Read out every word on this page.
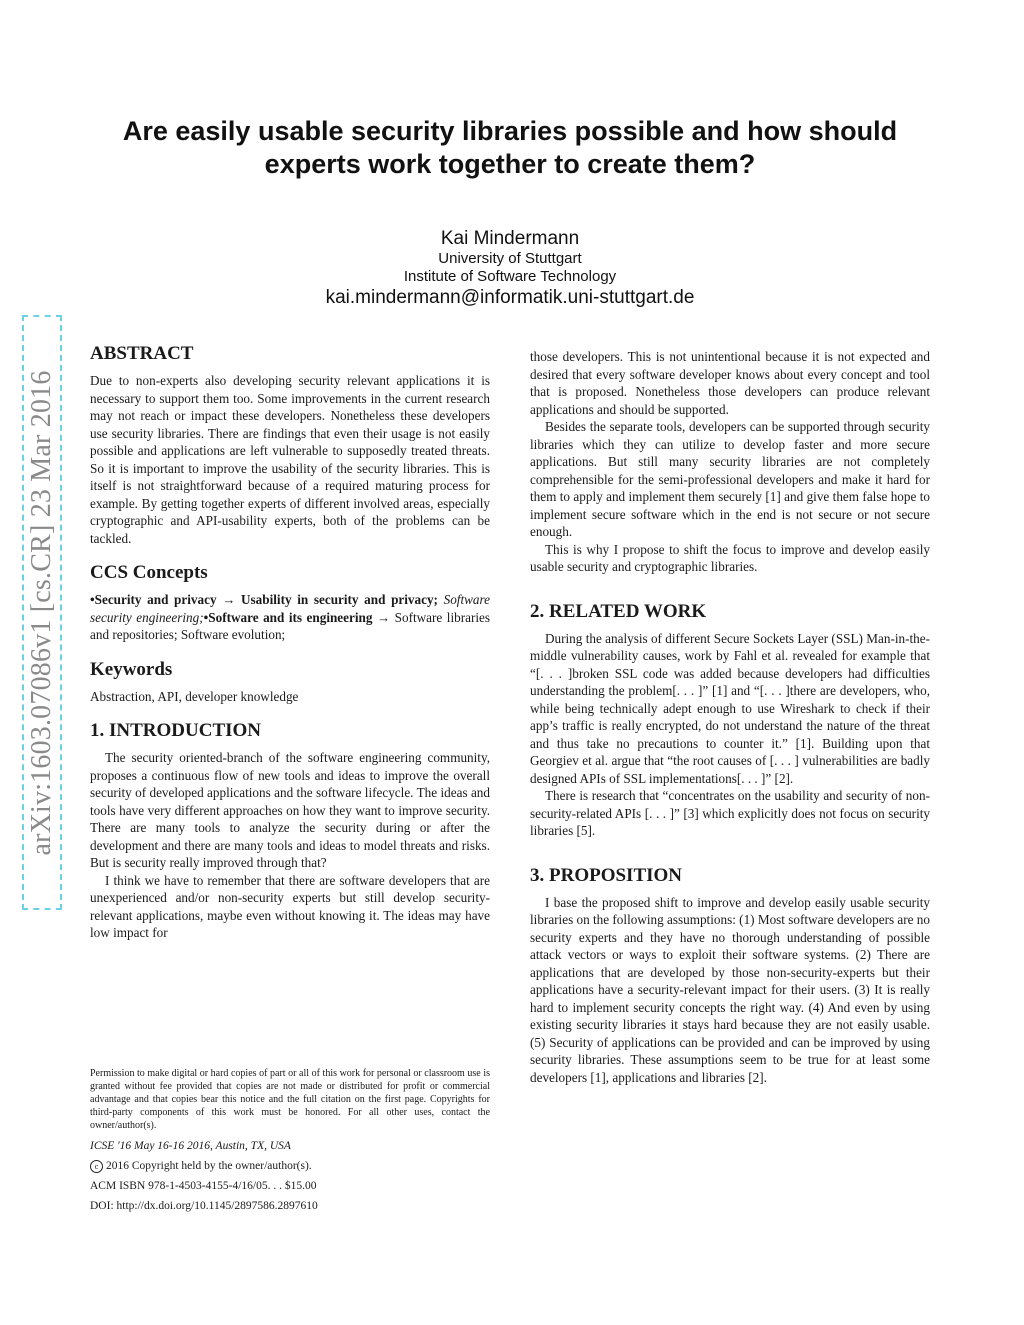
arXiv:1603.07086v1 [cs.CR] 23 Mar 2016
Are easily usable security libraries possible and how should experts work together to create them?
Kai Mindermann
University of Stuttgart
Institute of Software Technology
kai.mindermann@informatik.uni-stuttgart.de
ABSTRACT

Due to non-experts also developing security relevant applications it is necessary to support them too. Some improvements in the current research may not reach or impact these developers. Nonetheless these developers use security libraries. There are findings that even their usage is not easily possible and applications are left vulnerable to supposedly treated threats. So it is important to improve the usability of the security libraries. This is itself is not straightforward because of a required maturing process for example. By getting together experts of different involved areas, especially cryptographic and API-usability experts, both of the problems can be tackled.

CCS Concepts

•Security and privacy → Usability in security and privacy; Software security engineering;•Software and its engineering → Software libraries and repositories; Software evolution;

Keywords

Abstraction, API, developer knowledge

1. INTRODUCTION

The security oriented-branch of the software engineering community, proposes a continuous flow of new tools and ideas to improve the overall security of developed applications and the software lifecycle. The ideas and tools have very different approaches on how they want to improve security. There are many tools to analyze the security during or after the development and there are many tools and ideas to model threats and risks. But is security really improved through that?

I think we have to remember that there are software developers that are unexperienced and/or non-security experts but still develop security-relevant applications, maybe even without knowing it. The ideas may have low impact for

Permission to make digital or hard copies of part or all of this work for personal or classroom use is granted without fee provided that copies are not made or distributed for profit or commercial advantage and that copies bear this notice and the full citation on the first page. Copyrights for third-party components of this work must be honored. For all other uses, contact the owner/author(s).
ICSE '16 May 16-16 2016, Austin, TX, USA
c 2016 Copyright held by the owner/author(s).
ACM ISBN 978-1-4503-4155-4/16/05. . . $15.00
DOI: http://dx.doi.org/10.1145/2897586.2897610

those developers. This is not unintentional because it is not expected and desired that every software developer knows about every concept and tool that is proposed. Nonetheless those developers can produce relevant applications and should be supported.

Besides the separate tools, developers can be supported through security libraries which they can utilize to develop faster and more secure applications. But still many security libraries are not completely comprehensible for the semi-professional developers and make it hard for them to apply and implement them securely [1] and give them false hope to implement secure software which in the end is not secure or not secure enough.

This is why I propose to shift the focus to improve and develop easily usable security and cryptographic libraries.

2. RELATED WORK

During the analysis of different Secure Sockets Layer (SSL) Man-in-the-middle vulnerability causes, work by Fahl et al. revealed for example that “[. . . ]broken SSL code was added because developers had difficulties understanding the problem[. . . ]” [1] and “[. . . ]there are developers, who, while being technically adept enough to use Wireshark to check if their app’s traffic is really encrypted, do not understand the nature of the threat and thus take no precautions to counter it.” [1]. Building upon that Georgiev et al. argue that “the root causes of [. . . ] vulnerabilities are badly designed APIs of SSL implementations[. . . ]” [2].

There is research that “concentrates on the usability and security of non-security-related APIs [. . . ]” [3] which explicitly does not focus on security libraries [5].

3. PROPOSITION

I base the proposed shift to improve and develop easily usable security libraries on the following assumptions: (1) Most software developers are no security experts and they have no thorough understanding of possible attack vectors or ways to exploit their software systems. (2) There are applications that are developed by those non-security-experts but their applications have a security-relevant impact for their users. (3) It is really hard to implement security concepts the right way. (4) And even by using existing security libraries it stays hard because they are not easily usable. (5) Security of applications can be provided and can be improved by using security libraries. These assumptions seem to be true for at least some developers [1], applications and libraries [2].
